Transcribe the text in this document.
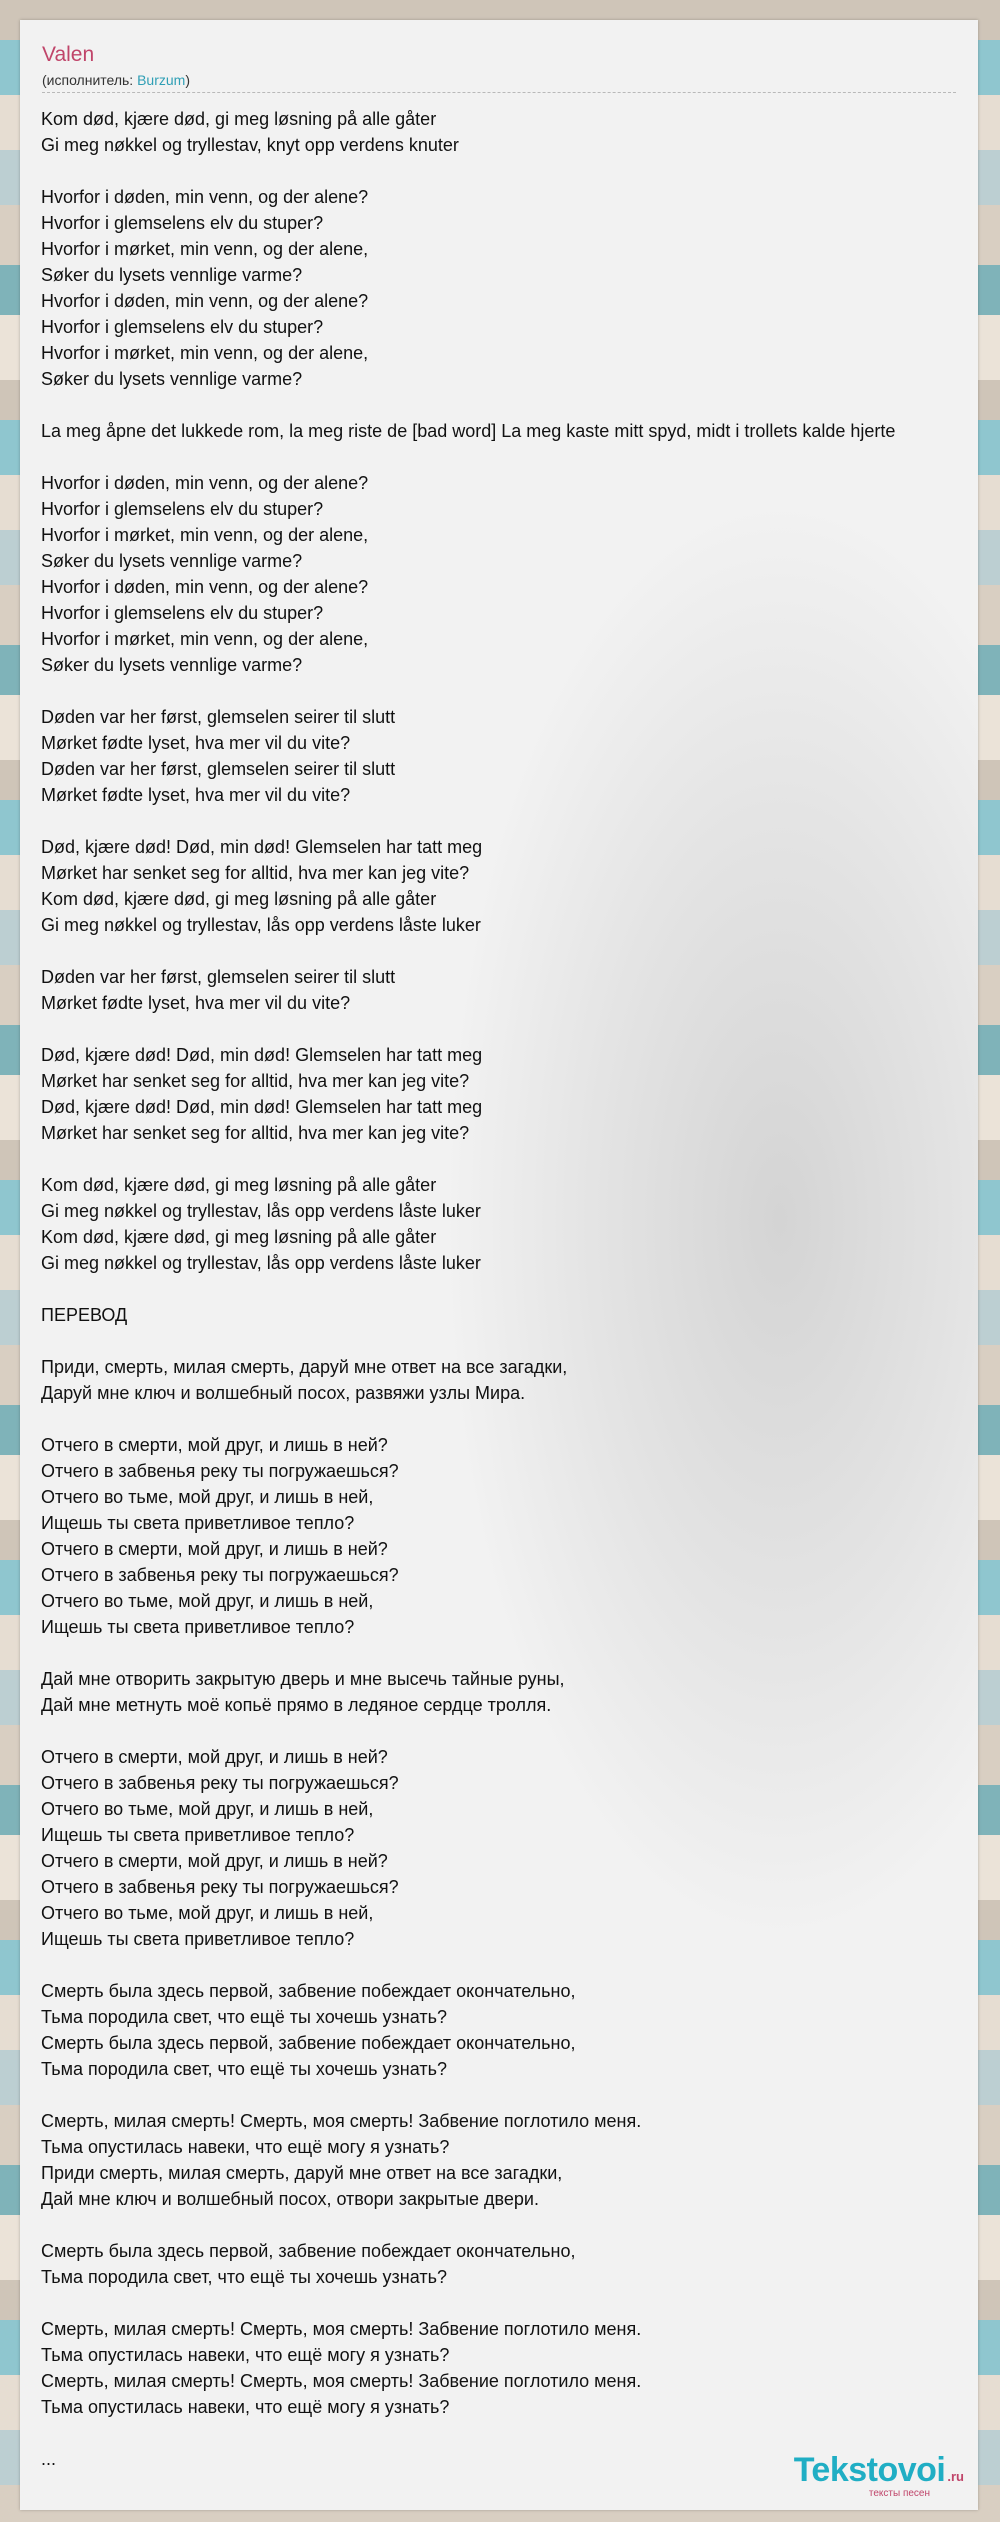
Valen
(исполнитель: Burzum)
Kom død, kjære død, gi meg løsning på alle gåter
Gi meg nøkkel og tryllestav, knyt opp verdens knuter
Hvorfor i døden, min venn, og der alene?
Hvorfor i glemselens elv du stuper?
Hvorfor i mørket, min venn, og der alene,
Søker du lysets vennlige varme?
Hvorfor i døden, min venn, og der alene?
Hvorfor i glemselens elv du stuper?
Hvorfor i mørket, min venn, og der alene,
Søker du lysets vennlige varme?
La meg åpne det lukkede rom, la meg riste de [bad word] La meg kaste mitt spyd, midt i trollets kalde hjerte
Hvorfor i døden, min venn, og der alene?
Hvorfor i glemselens elv du stuper?
Hvorfor i mørket, min venn, og der alene,
Søker du lysets vennlige varme?
Hvorfor i døden, min venn, og der alene?
Hvorfor i glemselens elv du stuper?
Hvorfor i mørket, min venn, og der alene,
Søker du lysets vennlige varme?
Døden var her først, glemselen seirer til slutt
Mørket fødte lyset, hva mer vil du vite?
Døden var her først, glemselen seirer til slutt
Mørket fødte lyset, hva mer vil du vite?
Død, kjære død! Død, min død! Glemselen har tatt meg
Mørket har senket seg for alltid, hva mer kan jeg vite?
Kom død, kjære død, gi meg løsning på alle gåter
Gi meg nøkkel og tryllestav, lås opp verdens låste luker
Døden var her først, glemselen seirer til slutt
Mørket fødte lyset, hva mer vil du vite?
Død, kjære død! Død, min død! Glemselen har tatt meg
Mørket har senket seg for alltid, hva mer kan jeg vite?
Død, kjære død! Død, min død! Glemselen har tatt meg
Mørket har senket seg for alltid, hva mer kan jeg vite?
Kom død, kjære død, gi meg løsning på alle gåter
Gi meg nøkkel og tryllestav, lås opp verdens låste luker
Kom død, kjære død, gi meg løsning på alle gåter
Gi meg nøkkel og tryllestav, lås opp verdens låste luker
ПЕРЕВОД
Приди, смерть, милая смерть, даруй мне ответ на все загадки,
Даруй мне ключ и волшебный посох, развяжи узлы Мира.
Отчего в смерти, мой друг, и лишь в ней?
Отчего в забвенья реку ты погружаешься?
Отчего во тьме, мой друг, и лишь в ней,
Ищешь ты света приветливое тепло?
Отчего в смерти, мой друг, и лишь в ней?
Отчего в забвенья реку ты погружаешься?
Отчего во тьме, мой друг, и лишь в ней,
Ищешь ты света приветливое тепло?
Дай мне отворить закрытую дверь и мне высечь тайные руны,
Дай мне метнуть моё копьё прямо в ледяное сердце тролля.
Отчего в смерти, мой друг, и лишь в ней?
Отчего в забвенья реку ты погружаешься?
Отчего во тьме, мой друг, и лишь в ней,
Ищешь ты света приветливое тепло?
Отчего в смерти, мой друг, и лишь в ней?
Отчего в забвенья реку ты погружаешься?
Отчего во тьме, мой друг, и лишь в ней,
Ищешь ты света приветливое тепло?
Смерть была здесь первой, забвение побеждает окончательно,
Тьма породила свет, что ещё ты хочешь узнать?
Смерть была здесь первой, забвение побеждает окончательно,
Тьма породила свет, что ещё ты хочешь узнать?
Смерть, милая смерть! Смерть, моя смерть! Забвение поглотило меня.
Тьма опустилась навеки, что ещё могу я узнать?
Приди смерть, милая смерть, даруй мне ответ на все загадки,
Дай мне ключ и волшебный посох, отвори закрытые двери.
Смерть была здесь первой, забвение побеждает окончательно,
Тьма породила свет, что ещё ты хочешь узнать?
Смерть, милая смерть! Смерть, моя смерть! Забвение поглотило меня.
Тьма опустилась навеки, что ещё могу я узнать?
Смерть, милая смерть! Смерть, моя смерть! Забвение поглотило меня.
Тьма опустилась навеки, что ещё могу я узнать?
...	Tekstovoi .ru
тексты песен
